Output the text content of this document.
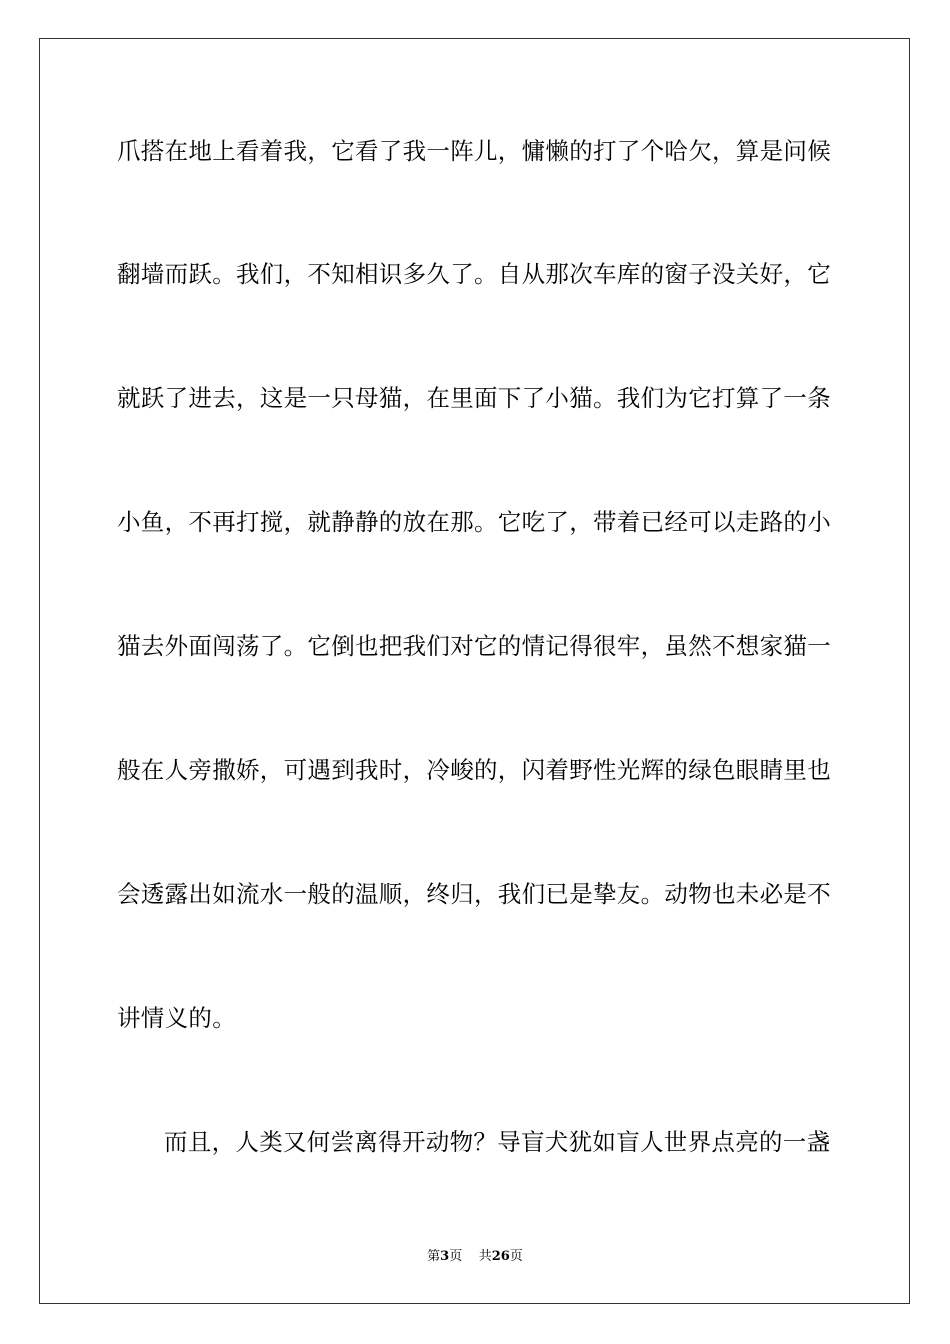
爪搭在地上看着我，它看了我一阵儿，慵懒的打了个哈欠，算是问候
翻墙而跃。我们，不知相识多久了。自从那次车库的窗子没关好，它
就跃了进去，这是一只母猫，在里面下了小猫。我们为它打算了一条
小鱼，不再打搅，就静静的放在那。它吃了，带着已经可以走路的小
猫去外面闯荡了。它倒也把我们对它的情记得很牢，虽然不想家猫一
般在人旁撒娇，可遇到我时，冷峻的，闪着野性光辉的绿色眼睛里也
会透露出如流水一般的温顺，终归，我们已是挚友。动物也未必是不
讲情义的。
而且，人类又何尝离得开动物？导盲犬犹如盲人世界点亮的一盏
第3页 共26页
